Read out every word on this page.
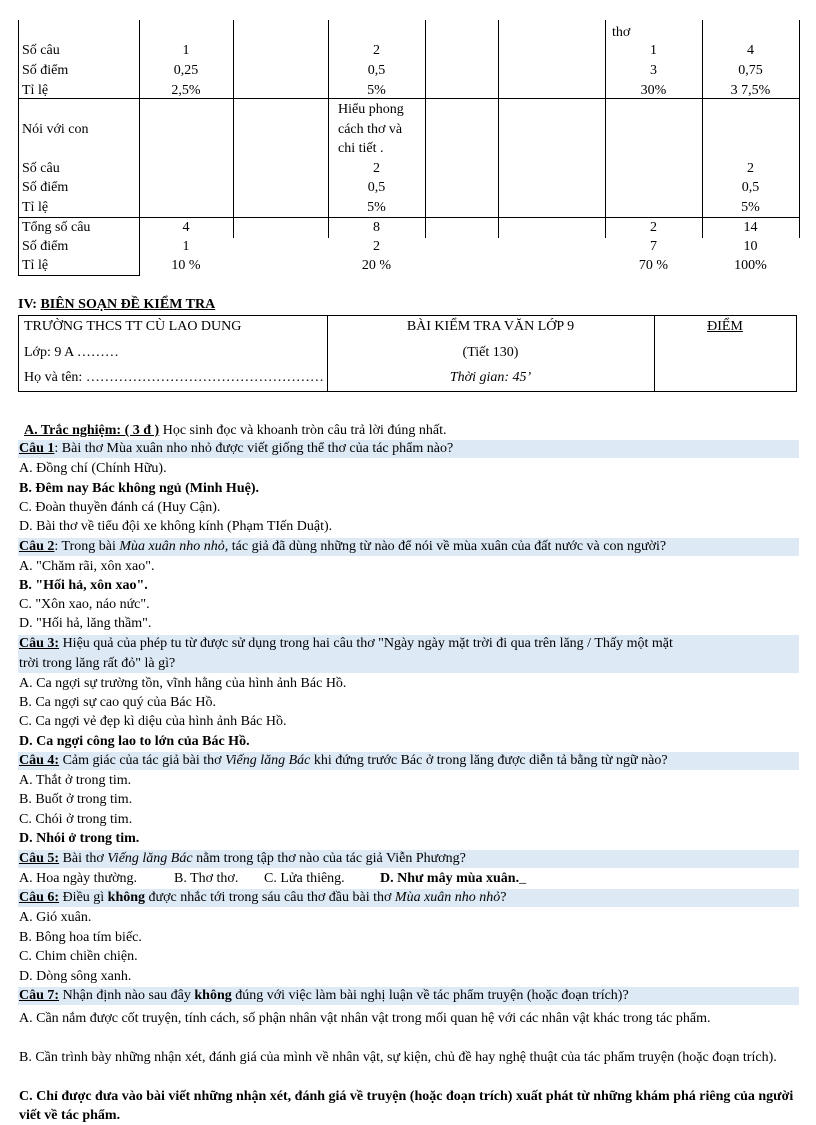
thơ
Số câu
Số điểm
Tỉ lệ
1
0,25
2,5%
2
0,5
5%
1
3
30%
4
0,75
3 7,5%
Nói với con
Hiểu phong
cách thơ và
chi tiết .
Số câu
Số điểm
Tỉ lệ
2
0,5
5%
2
0,5
5%
Tổng số câu
Số điểm
Tỉ lệ
4
1
10 %
8
2
20 %
2
7
70 %
14
10
100%
IV: BIÊN SOẠN ĐỀ KIỂM TRA
TRƯỜNG THCS TT CÙ LAO DUNG
Lớp: 9 A ………
Họ và tên: ……………………………………………
BÀI KIỂM TRA VĂN LỚP 9
(Tiết 130)
Thời gian: 45’
ĐIỂM
A. Trắc nghiệm: ( 3 đ ) Học sinh đọc và khoanh tròn câu trả lời đúng nhất.
Câu 1: Bài thơ Mùa xuân nho nhỏ được viết giống thể thơ của tác phẩm nào?
A. Đồng chí (Chính Hữu).
B. Đêm nay Bác không ngủ (Minh Huệ).
C. Đoàn thuyền đánh cá (Huy Cận).
D. Bài thơ về tiểu đội xe không kính (Phạm TIến Duật).
Câu 2: Trong bài Mùa xuân nho nhỏ, tác giả đã dùng những từ nào để nói về mùa xuân của đất nước và con người?
A. "Chăm rãi, xôn xao".
B. "Hối hả, xôn xao".
C. "Xôn xao, náo nức".
D. "Hối hả, lăng thầm".
Câu 3: Hiệu quả của phép tu từ được sử dụng trong hai câu thơ "Ngày ngày mặt trời đi qua trên lăng / Thấy một mặt
trời trong lăng rất đỏ" là gì?
A. Ca ngợi sự trường tồn, vĩnh hằng của hình ảnh Bác Hồ.
B. Ca ngợi sự cao quý của Bác Hồ.
C. Ca ngợi vẻ đẹp kì diệu của hình ảnh Bác Hồ.
D. Ca ngợi công lao to lớn của Bác Hồ.
Câu 4: Cảm giác của tác giả bài thơ Viếng lăng Bác khi đứng trước Bác ở trong lăng được diễn tả bằng từ ngữ nào?
A. Thắt ở trong tim.
B. Buốt ở trong tim.
C. Chói ở trong tim.
D. Nhói ở trong tim.
Câu 5: Bài thơ Viếng lăng Bác nằm trong tập thơ nào của tác giả Viễn Phương?
A. Hoa ngày thường.	B. Thơ thơ. C. Lửa thiêng.	D. Như mây mùa xuân._
Câu 6: Điều gì không được nhắc tới trong sáu câu thơ đầu bài thơ Mùa xuân nho nhỏ?
A. Gió xuân.
B. Bông hoa tím biếc.
C. Chim chiền chiện.
D. Dòng sông xanh.
Câu 7: Nhận định nào sau đây không đúng với việc làm bài nghị luận về tác phẩm truyện (hoặc đoạn trích)?
A. Cần nắm được cốt truyện, tính cách, số phận nhân vật nhân vật trong mối quan hệ với các nhân vật khác trong tác phẩm.
B. Cần trình bày những nhận xét, đánh giá của mình về nhân vật, sự kiện, chủ đề hay nghệ thuật của tác phẩm truyện (hoặc đoạn trích).
C. Chỉ được đưa vào bài viết những nhận xét, đánh giá về truyện (hoặc đoạn trích) xuất phát từ những khám phá riêng của người viết về tác phẩm.
